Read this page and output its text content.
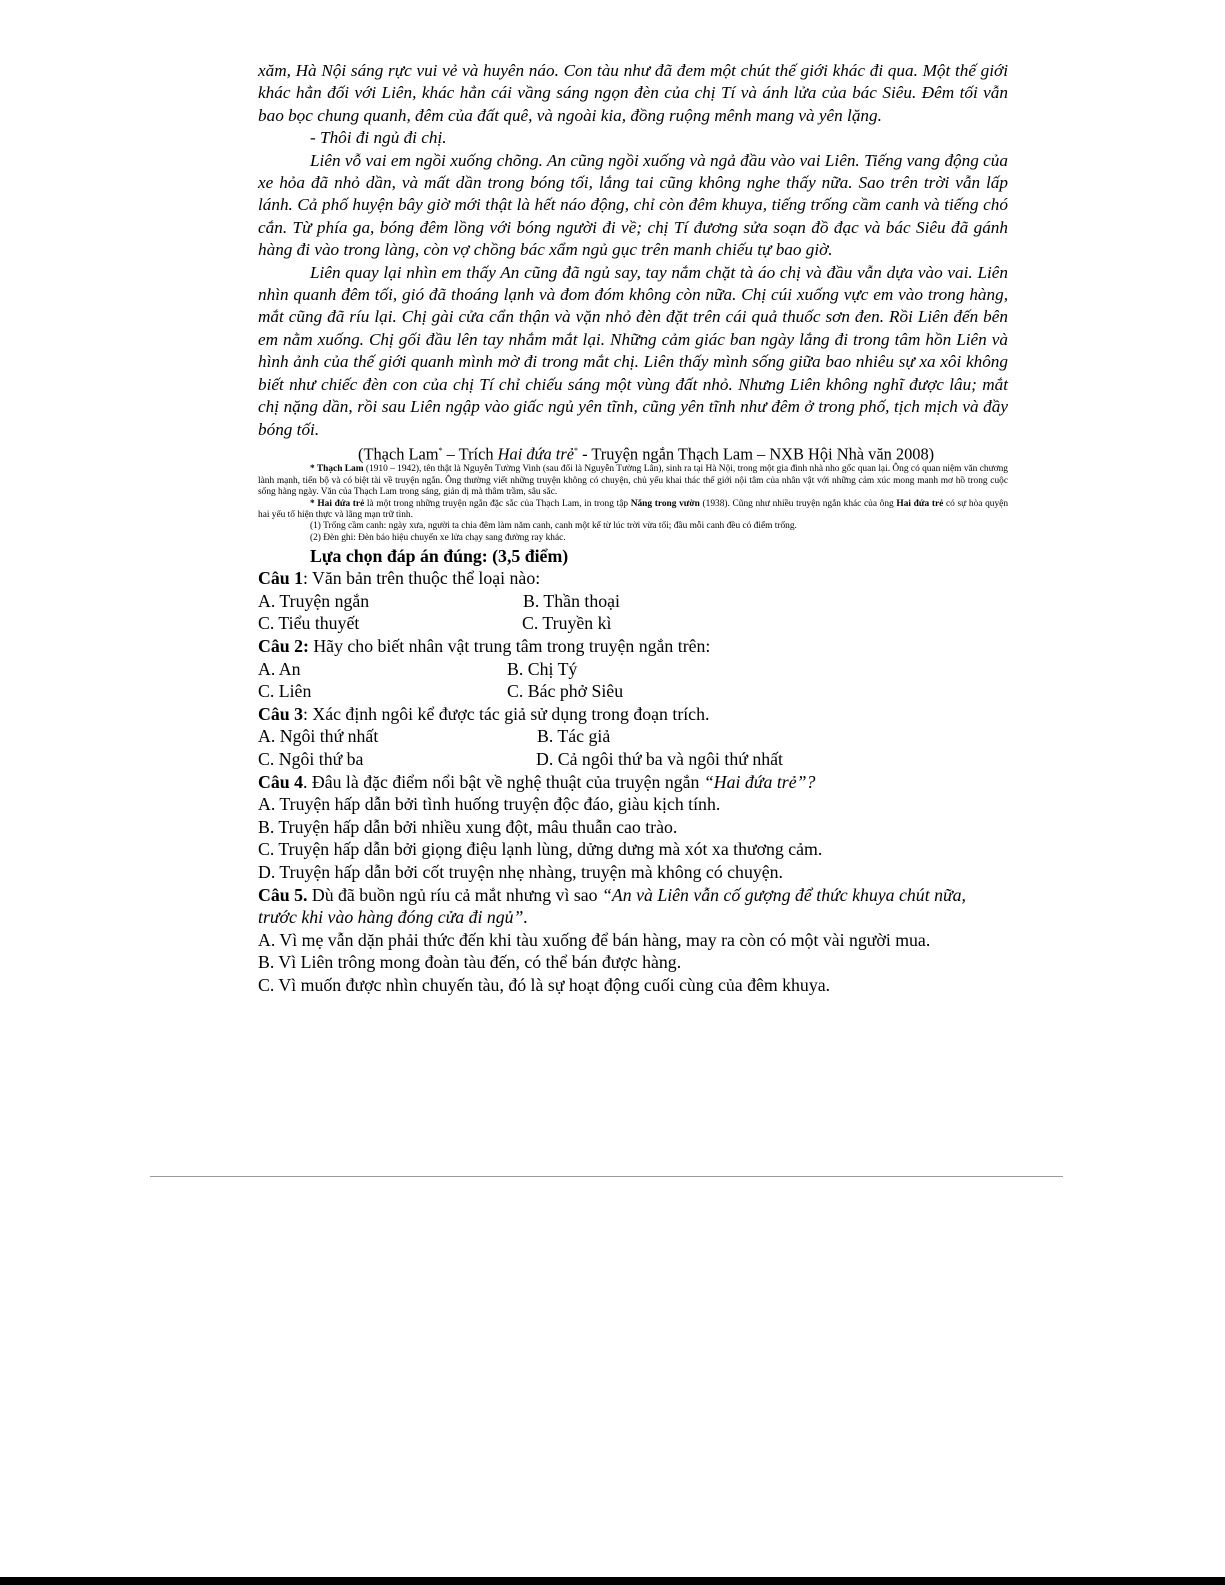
xăm, Hà Nội sáng rực vui vẻ và huyên náo. Con tàu như đã đem một chút thế giới khác đi qua. Một thế giới khác hẳn đối với Liên, khác hẳn cái vầng sáng ngọn đèn của chị Tí và ánh lửa của bác Siêu. Đêm tối vẫn bao bọc chung quanh, đêm của đất quê, và ngoài kia, đồng ruộng mênh mang và yên lặng.

- Thôi đi ngủ đi chị.

Liên vỗ vai em ngồi xuống chõng. An cũng ngồi xuống và ngả đầu vào vai Liên. Tiếng vang động của xe hỏa đã nhỏ dần, và mất dần trong bóng tối, lắng tai cũng không nghe thấy nữa. Sao trên trời vẫn lấp lánh. Cả phố huyện bây giờ mới thật là hết náo động, chỉ còn đêm khuya, tiếng trống cầm canh và tiếng chó cắn. Từ phía ga, bóng đêm lồng với bóng người đi về; chị Tí đương sửa soạn đồ đạc và bác Siêu đã gánh hàng đi vào trong làng, còn vợ chồng bác xẩm ngủ gục trên manh chiếu tự bao giờ.

Liên quay lại nhìn em thấy An cũng đã ngủ say, tay nắm chặt tà áo chị và đầu vẫn dựa vào vai. Liên nhìn quanh đêm tối, gió đã thoáng lạnh và đom đóm không còn nữa. Chị cúi xuống vực em vào trong hàng, mắt cũng đã ríu lại. Chị gài cửa cẩn thận và vặn nhỏ đèn đặt trên cái quả thuốc sơn đen. Rồi Liên đến bên em nằm xuống. Chị gối đầu lên tay nhắm mắt lại. Những cảm giác ban ngày lắng đi trong tâm hồn Liên và hình ảnh của thế giới quanh mình mờ đi trong mắt chị. Liên thấy mình sống giữa bao nhiêu sự xa xôi không biết như chiếc đèn con của chị Tí chỉ chiếu sáng một vùng đất nhỏ. Nhưng Liên không nghĩ được lâu; mắt chị nặng dần, rồi sau Liên ngập vào giấc ngủ yên tĩnh, cũng yên tĩnh như đêm ở trong phố, tịch mịch và đầy bóng tối.

(Thạch Lam* – Trích Hai đứa trẻ* - Truyện ngắn Thạch Lam – NXB Hội Nhà văn 2008)

* Thạch Lam (1910 – 1942), tên thật là Nguyễn Tường Vinh (sau đổi là Nguyễn Tường Lân), sinh ra tại Hà Nội, trong một gia đình nhà nho gốc quan lại. Ông có quan niệm văn chương lành mạnh, tiến bộ và có biệt tài về truyện ngắn. Ông thường viết những truyện không có chuyện, chủ yếu khai thác thế giới nội tâm của nhân vật với những cảm xúc mong manh mơ hồ trong cuộc sống hàng ngày. Văn của Thạch Lam trong sáng, giản dị mà thâm trầm, sâu sắc.

* Hai đứa trẻ là một trong những truyện ngắn đặc sắc của Thạch Lam, in trong tập Nắng trong vườn (1938). Cũng như nhiều truyện ngắn khác của ông Hai đứa trẻ có sự hòa quyện hai yếu tố hiện thực và lãng mạn trữ tình.

(1) Trống cầm canh: ngày xưa, người ta chia đêm làm năm canh, canh một kể từ lúc trời vừa tối; đầu mỗi canh đều có điểm trống.

(2) Đèn ghi: Đèn báo hiệu chuyến xe lửa chạy sang đường ray khác.

Lựa chọn đáp án đúng: (3,5 điểm)

Câu 1: Văn bản trên thuộc thể loại nào:

A. Truyện ngắn	B. Thần thoại
C. Tiểu thuyết	C. Truyền kì

Câu 2: Hãy cho biết nhân vật trung tâm trong truyện ngắn trên:

A. An	B. Chị Tý
C. Liên	C. Bác phở Siêu

Câu 3: Xác định ngôi kể được tác giả sử dụng trong đoạn trích.

A. Ngôi thứ nhất	B. Tác giả
C. Ngôi thứ ba	D. Cả ngôi thứ ba và ngôi thứ nhất

Câu 4. Đâu là đặc điểm nổi bật về nghệ thuật của truyện ngắn “Hai đứa trẻ”?

A. Truyện hấp dẫn bởi tình huống truyện độc đáo, giàu kịch tính.

B. Truyện hấp dẫn bởi nhiều xung đột, mâu thuẫn cao trào.

C. Truyện hấp dẫn bởi giọng điệu lạnh lùng, dửng dưng mà xót xa thương cảm.

D. Truyện hấp dẫn bởi cốt truyện nhẹ nhàng, truyện mà không có chuyện.

Câu 5. Dù đã buồn ngủ ríu cả mắt nhưng vì sao “An và Liên vẫn cố gượng để thức khuya chút nữa, trước khi vào hàng đóng cửa đi ngủ”.

A. Vì mẹ vẫn dặn phải thức đến khi tàu xuống để bán hàng, may ra còn có một vài người mua.

B. Vì Liên trông mong đoàn tàu đến, có thể bán được hàng.

C. Vì muốn được nhìn chuyến tàu, đó là sự hoạt động cuối cùng của đêm khuya.
